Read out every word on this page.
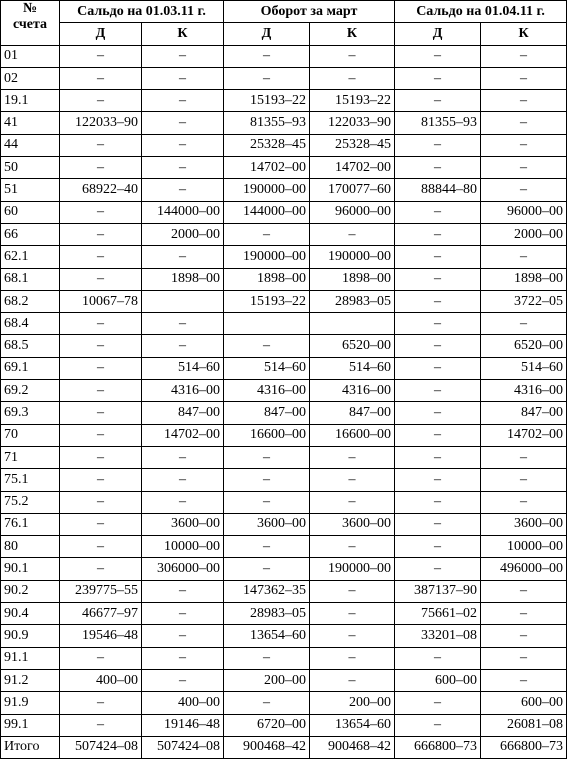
№
счета	Сальдо на 01.03.11 г.		Оборот за март		Сальдо на 01.04.11 г.	
	Д	К	Д	К	Д	К
01	–	–	–	–	–	–
02	–	–	–	–	–	–
19.1	–	–	15193–22	15193–22	–	–
41	122033–90	–	81355–93	122033–90	81355–93	–
44	–	–	25328–45	25328–45	–	–
50	–	–	14702–00	14702–00	–	–
51	68922–40	–	190000–00	170077–60	88844–80	–
60	–	144000–00	144000–00	96000–00	–	96000–00
66	–	2000–00	–	–	–	2000–00
62.1	–	–	190000–00	190000–00	–	–
68.1	–	1898–00	1898–00	1898–00	–	1898–00
68.2	10067–78		15193–22	28983–05	–	3722–05
68.4	–	–			–	–
68.5	–	–	–	6520–00	–	6520–00
69.1	–	514–60	514–60	514–60	–	514–60
69.2	–	4316–00	4316–00	4316–00	–	4316–00
69.3	–	847–00	847–00	847–00	–	847–00
70	–	14702–00	16600–00	16600–00	–	14702–00
71	–	–	–	–	–	–
75.1	–	–	–	–	–	–
75.2	–	–	–	–	–	–
76.1	–	3600–00	3600–00	3600–00	–	3600–00
80	–	10000–00	–	–	–	10000–00
90.1	–	306000–00	–	190000–00	–	496000–00
90.2	239775–55	–	147362–35	–	387137–90	–
90.4	46677–97	–	28983–05	–	75661–02	–
90.9	19546–48	–	13654–60	–	33201–08	–
91.1	–	–	–	–	–	–
91.2	400–00	–	200–00	–	600–00	–
91.9	–	400–00	–	200–00	–	600–00
99.1	–	19146–48	6720–00	13654–60	–	26081–08
Итого	507424–08	507424–08	900468–42	900468–42	666800–73	666800–73
